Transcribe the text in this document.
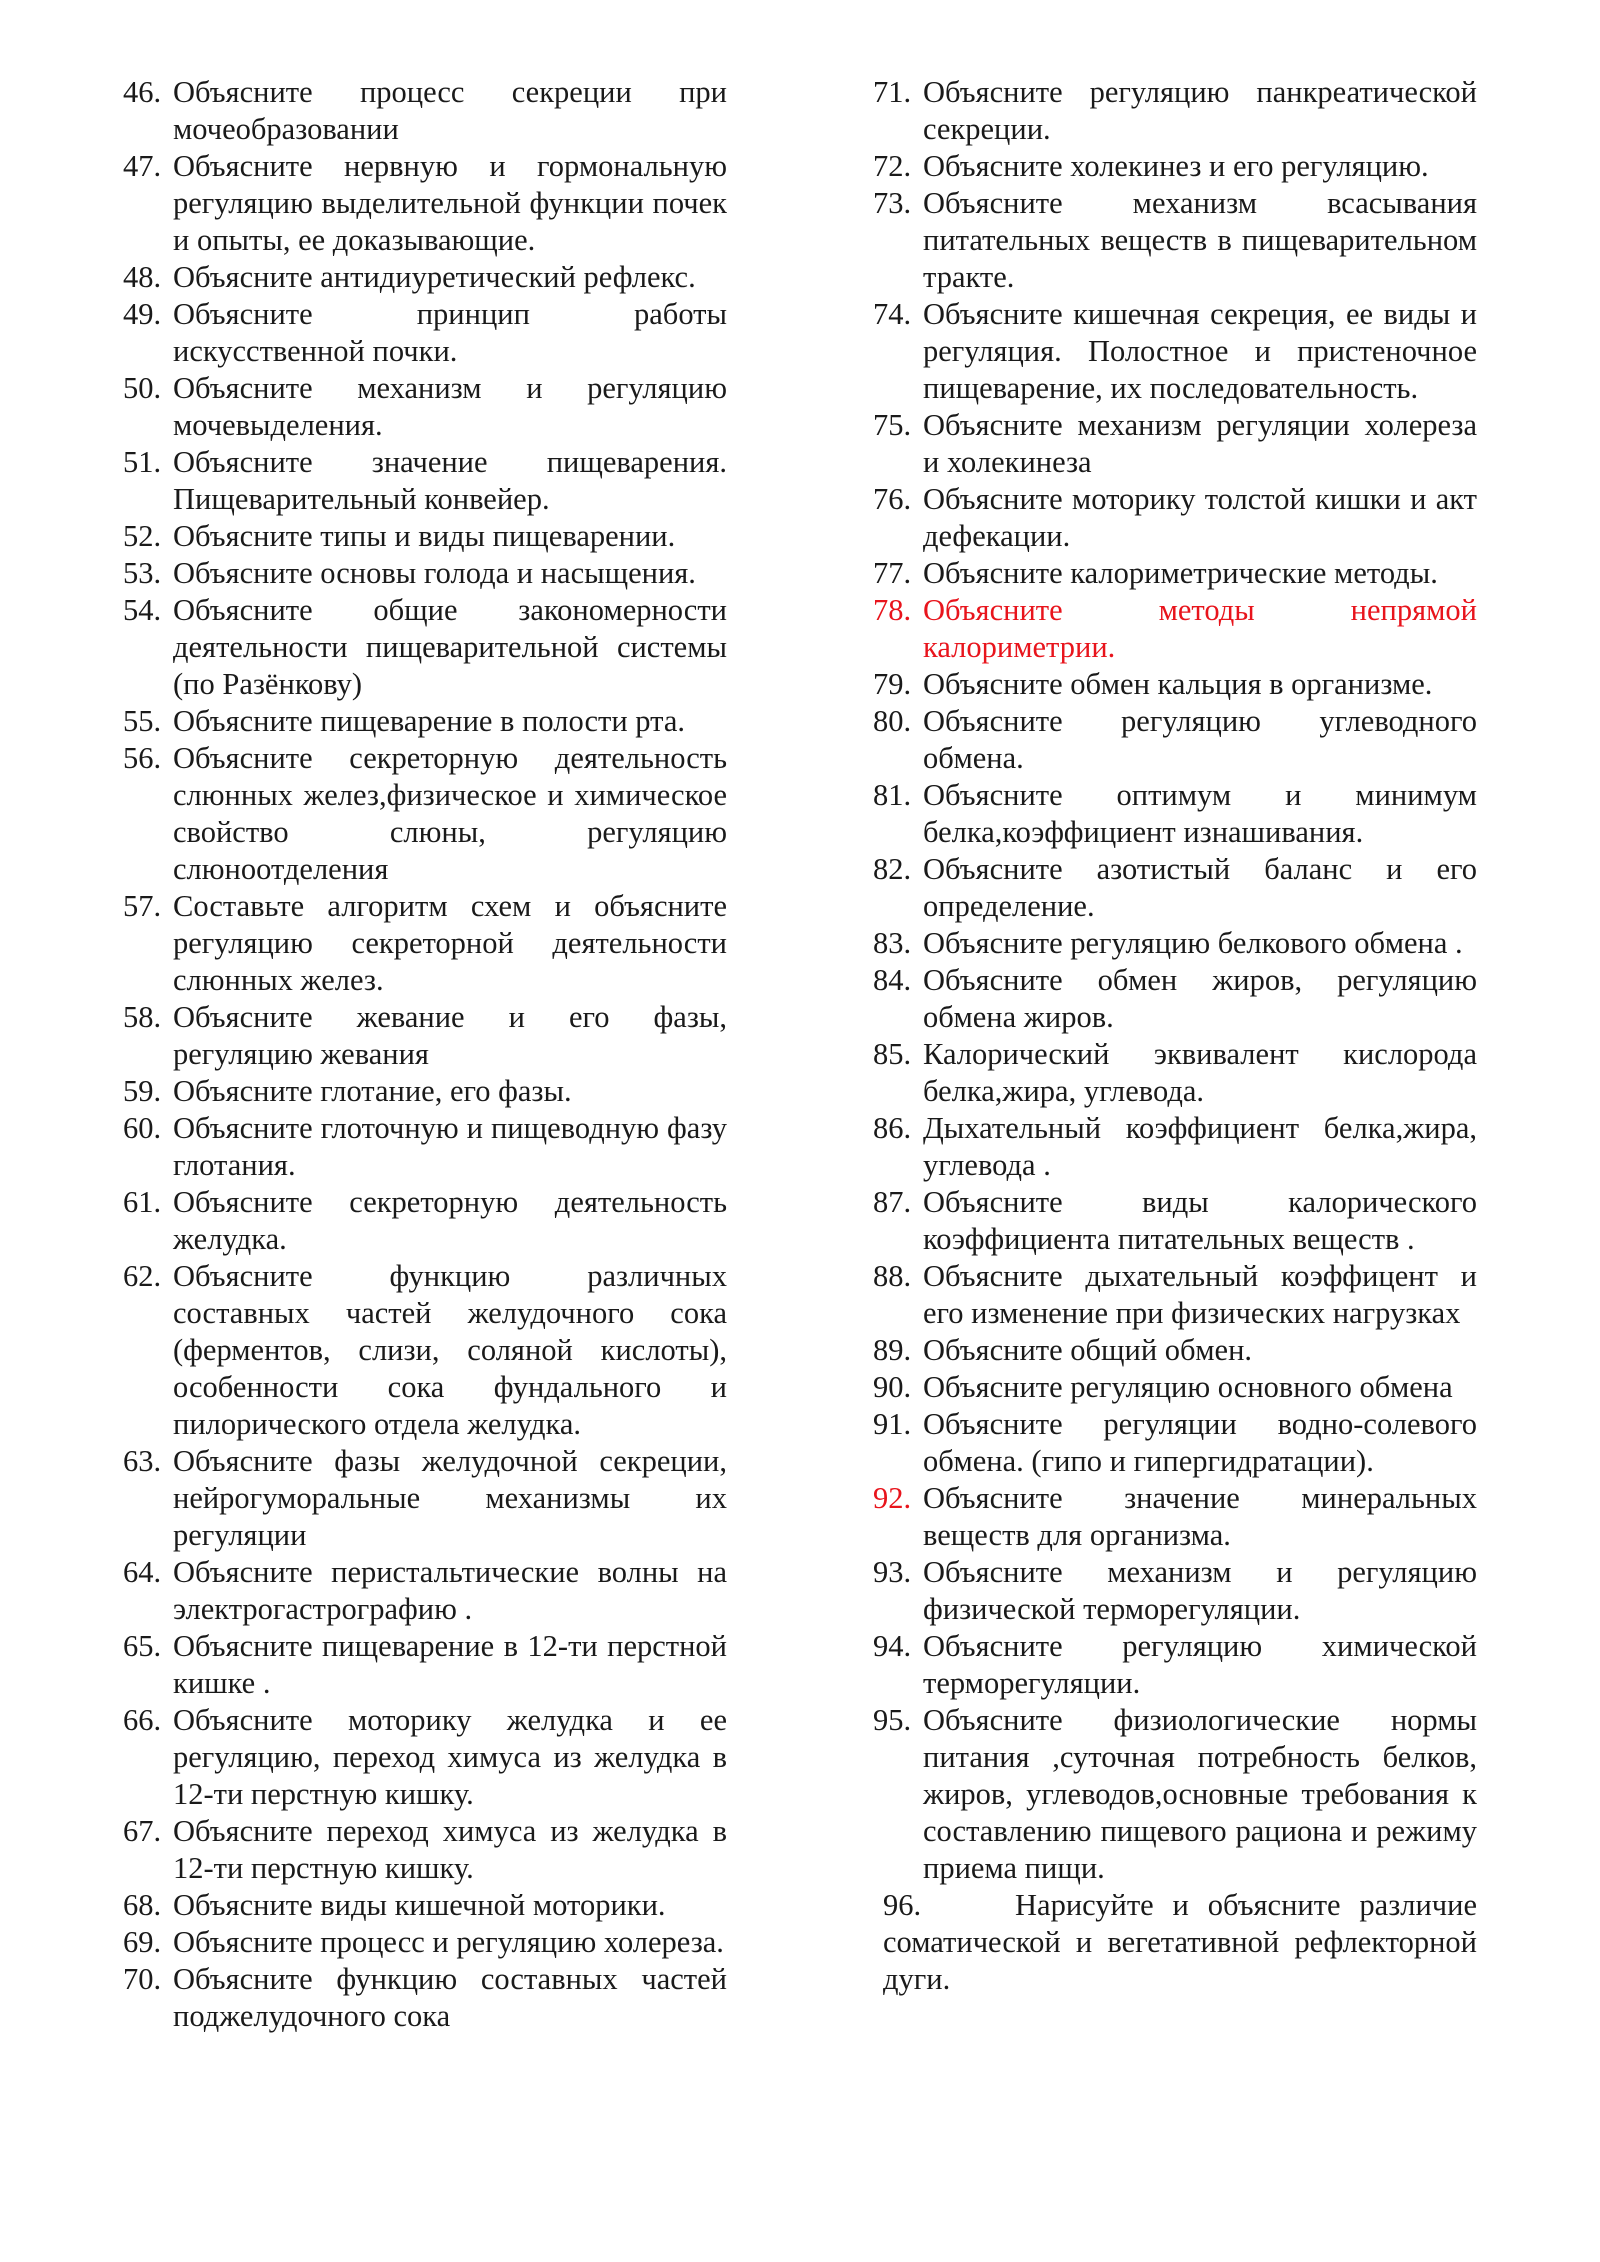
46. Объясните процесс секреции при мочеобразовании

47. Объясните нервную и гормональную регуляцию выделительной функции почек и опыты, ее доказывающие.

48. Объясните антидиуретический рефлекс.

49. Объясните принцип работы искусственной почки.

50. Объясните механизм и регуляцию мочевыделения.

51. Объясните значение пищеварения. Пищеварительный конвейер.

52. Объясните типы и виды пищеварении.

53. Объясните основы голода и насыщения.

54. Объясните общие закономерности деятельности пищеварительной системы (по Разёнкову)

55. Объясните пищеварение в полости рта.

56. Объясните секреторную деятельность слюнных желез,физическое и химическое свойство слюны, регуляцию слюноотделения

57. Составьте алгоритм схем и объясните регуляцию секреторной деятельности слюнных желез.

58. Объясните жевание и его фазы, регуляцию жевания

59. Объясните глотание, его фазы.

60. Объясните глоточную и пищеводную фазу глотания.

61. Объясните секреторную деятельность желудка.

62. Объясните функцию различных составных частей желудочного сока (ферментов, слизи, соляной кислоты), особенности сока фундального и пилорического отдела желудка.

63. Объясните фазы желудочной секреции, нейрогуморальные механизмы их регуляции

64. Объясните перистальтические волны на электрогастрографию .

65. Объясните пищеварение в 12-ти перстной кишке .

66. Объясните моторику желудка и ее регуляцию, переход химуса из желудка в 12-ти перстную кишку.

67. Объясните переход химуса из желудка в 12-ти перстную кишку.

68. Объясните виды кишечной моторики.

69. Объясните процесс и регуляцию холереза.

70. Объясните функцию составных частей поджелудочного сока

71. Объясните регуляцию панкреатической секреции.

72. Объясните холекинез и его регуляцию.

73. Объясните механизм всасывания питательных веществ в пищеварительном тракте.

74. Объясните кишечная секреция, ее виды и регуляция. Полостное и пристеночное пищеварение, их последовательность.

75. Объясните механизм регуляции холереза и холекинеза

76. Объясните моторику толстой кишки и акт дефекации.

77. Объясните калориметрические методы.

78. Объясните методы непрямой калориметрии.

79. Объясните обмен кальция в организме.

80. Объясните регуляцию углеводного обмена.

81. Объясните оптимум и минимум белка,коэффициент изнашивания.

82. Объясните азотистый баланс и его определение.

83. Объясните регуляцию белкового обмена .

84. Объясните обмен жиров, регуляцию обмена жиров.

85. Калорический эквивалент кислорода белка,жира, углевода.

86. Дыхательный коэффициент белка,жира, углевода .

87. Объясните виды калорического коэффициента питательных веществ .

88. Объясните дыхательный коэффицент и его изменение при физических нагрузках

89. Объясните общий обмен.

90. Объясните регуляцию основного обмена

91. Объясните регуляции водно-солевого обмена. (гипо и гипергидратации).

92. Объясните значение минеральных веществ для организма.

93. Объясните механизм и регуляцию физической терморегуляции.

94. Объясните регуляцию химической терморегуляции.

95. Объясните физиологические нормы питания ,суточная потребность белков, жиров, углеводов,основные требования к составлению пищевого рациона и режиму приема пищи.

96.	Нарисуйте и объясните различие соматической и вегетативной рефлекторной дуги.
